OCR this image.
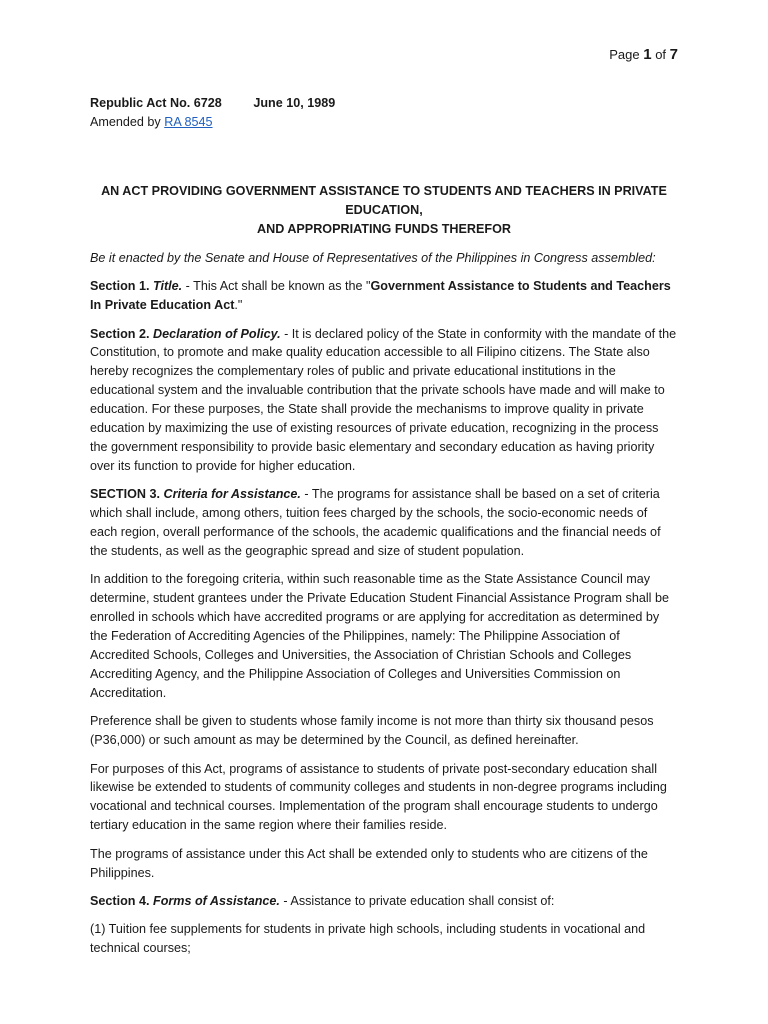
Page 1 of 7
Republic Act No. 6728	June 10, 1989
Amended by RA 8545
AN ACT PROVIDING GOVERNMENT ASSISTANCE TO STUDENTS AND TEACHERS IN PRIVATE EDUCATION,
AND APPROPRIATING FUNDS THEREFOR

Be it enacted by the Senate and House of Representatives of the Philippines in Congress assembled:

Section 1. Title. - This Act shall be known as the "Government Assistance to Students and Teachers In Private Education Act."

Section 2. Declaration of Policy. - It is declared policy of the State in conformity with the mandate of the Constitution, to promote and make quality education accessible to all Filipino citizens. The State also hereby recognizes the complementary roles of public and private educational institutions in the educational system and the invaluable contribution that the private schools have made and will make to education. For these purposes, the State shall provide the mechanisms to improve quality in private education by maximizing the use of existing resources of private education, recognizing in the process the government responsibility to provide basic elementary and secondary education as having priority over its function to provide for higher education.

SECTION 3. Criteria for Assistance. - The programs for assistance shall be based on a set of criteria which shall include, among others, tuition fees charged by the schools, the socio-economic needs of each region, overall performance of the schools, the academic qualifications and the financial needs of the students, as well as the geographic spread and size of student population.

In addition to the foregoing criteria, within such reasonable time as the State Assistance Council may determine, student grantees under the Private Education Student Financial Assistance Program shall be enrolled in schools which have accredited programs or are applying for accreditation as determined by the Federation of Accrediting Agencies of the Philippines, namely: The Philippine Association of Accredited Schools, Colleges and Universities, the Association of Christian Schools and Colleges Accrediting Agency, and the Philippine Association of Colleges and Universities Commission on Accreditation.

Preference shall be given to students whose family income is not more than thirty six thousand pesos (P36,000) or such amount as may be determined by the Council, as defined hereinafter.

For purposes of this Act, programs of assistance to students of private post-secondary education shall likewise be extended to students of community colleges and students in non-degree programs including vocational and technical courses. Implementation of the program shall encourage students to undergo tertiary education in the same region where their families reside.

The programs of assistance under this Act shall be extended only to students who are citizens of the Philippines.

Section 4. Forms of Assistance. - Assistance to private education shall consist of:

(1) Tuition fee supplements for students in private high schools, including students in vocational and technical courses;
